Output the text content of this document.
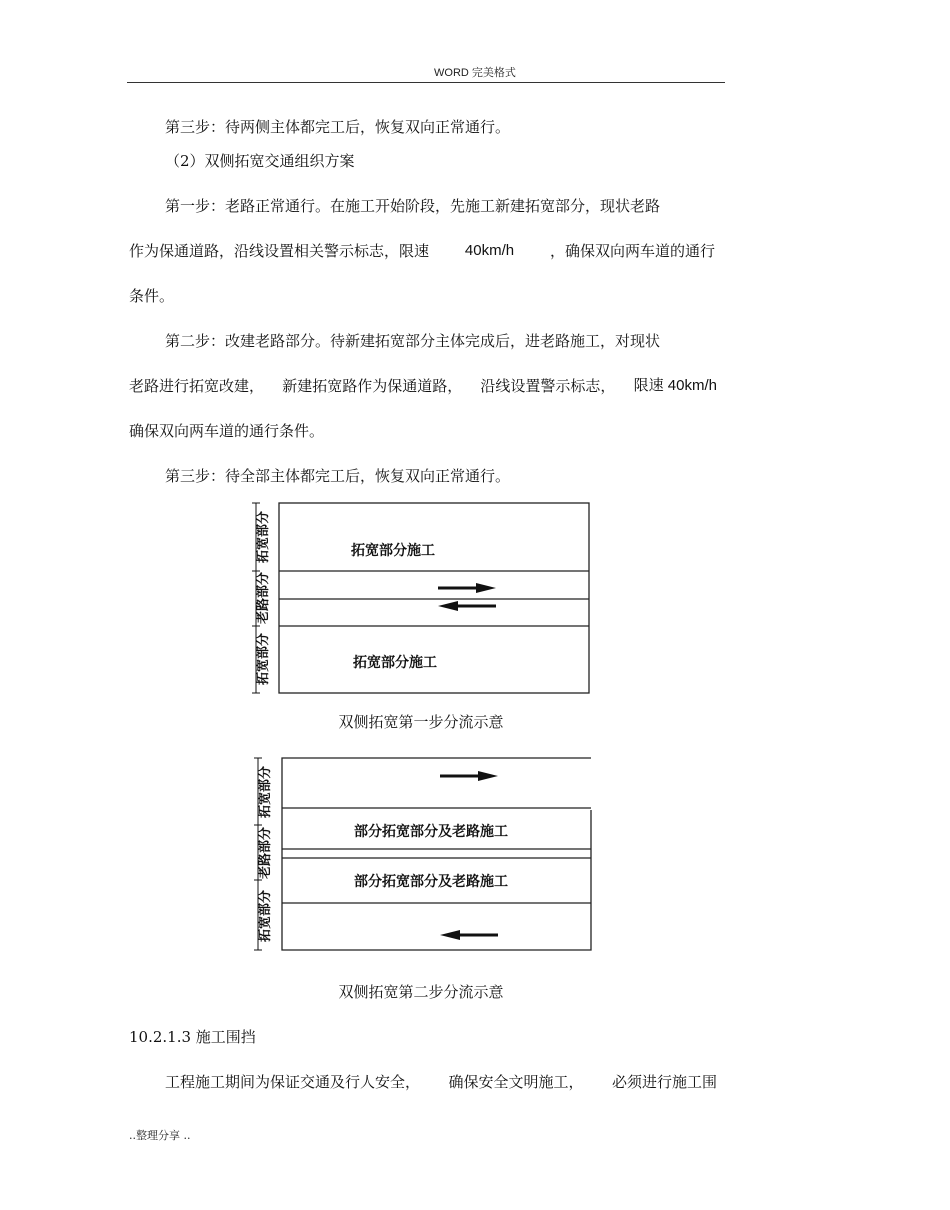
WORD 完美格式
第三步：待两侧主体都完工后，恢复双向正常通行。
（2）双侧拓宽交通组织方案
第一步：老路正常通行。在施工开始阶段，先施工新建拓宽部分，现状老路
作为保通道路，沿线设置相关警示标志，限速 40km/h ，确保双向两车道的通行
条件。
第二步：改建老路部分。待新建拓宽部分主体完成后，进老路施工，对现状
老路进行拓宽改建， 新建拓宽路作为保通道路， 沿线设置警示标志， 限速 40km/h
确保双向两车道的通行条件。
第三步：待全部主体都完工后，恢复双向正常通行。
拓宽部分
老路部分
拓宽部分
拓宽部分施工
拓宽部分施工
双侧拓宽第一步分流示意
拓宽部分
老路部分
拓宽部分
部分拓宽部分及老路施工
部分拓宽部分及老路施工
双侧拓宽第二步分流示意
10.2.1.3 施工围挡
工程施工期间为保证交通及行人安全， 确保安全文明施工， 必须进行施工围
..整理分享 ..
